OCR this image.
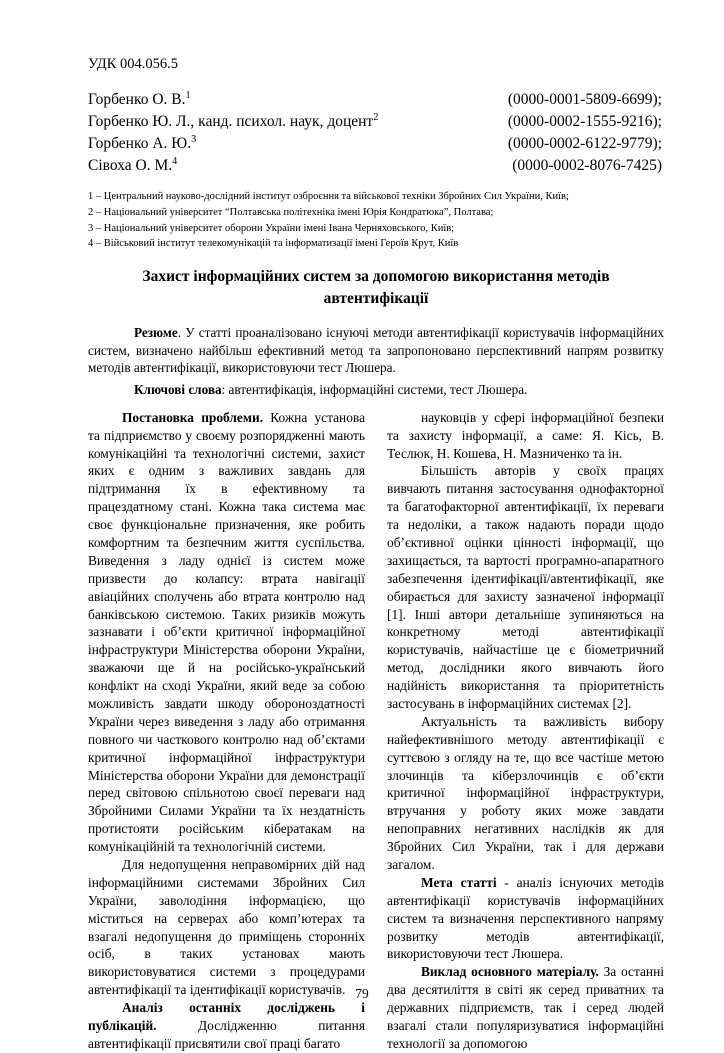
УДК 004.056.5
Горбенко О. В.$^1$	(0000-0001-5809-6699);
Горбенко Ю. Л., канд. психол. наук, доцент$^2$	(0000-0002-1555-9216);
Горбенко А. Ю.$^3$	(0000-0002-6122-9779);
Сівоха О. М.$^4$	(0000-0002-8076-7425)
1 – Центральний науково-дослідний інститут озброєння та військової техніки Збройних Сил України, Київ;
2 – Національний університет “Полтавська політехніка імені Юрія Кондратюка”, Полтава;
3 – Національний університет оборони України імені Івана Черняховського, Київ;
4 – Військовий інститут телекомунікацій та інформатизації імені Героїв Крут, Київ
Захист інформаційних систем за допомогою використання методів автентифікації

Резюме. У статті проаналізовано існуючі методи автентифікації користувачів інформаційних систем, визначено найбільш ефективний метод та запропоновано перспективний напрям розвитку методів автентифікації, використовуючи тест Люшера.

Ключові слова: автентифікація, інформаційні системи, тест Люшера.

Постановка проблеми. Кожна установа та підприємство у своєму розпорядженні мають комунікаційні та технологічні системи, захист яких є одним з важливих завдань для підтримання їх в ефективному та працездатному стані. Кожна така система має своє функціональне призначення, яке робить комфортним та безпечним життя суспільства. Виведення з ладу однієї із систем може призвести до колапсу: втрата навігації авіаційних сполучень або втрата контролю над банківською системою. Таких ризиків можуть зазнавати і об’єкти критичної інформаційної інфраструктури Міністерства оборони України, зважаючи ще й на російсько-український конфлікт на сході України, який веде за собою можливість завдати шкоду обороноздатності України через виведення з ладу або отримання повного чи часткового контролю над об’єктами критичної інформаційної інфраструктури Міністерства оборони України для демонстрації перед світовою спільнотою своєї переваги над Збройними Силами України та їх нездатність протистояти російським кібератакам на комунікаційній та технологічній системи.

Для недопущення неправомірних дій над інформаційними системами Збройних Сил України, заволодіння інформацією, що міститься на серверах або комп’ютерах та взагалі недопущення до приміщень сторонніх осіб, в таких установах мають використовуватися системи з процедурами автентифікації та ідентифікації користувачів.

Аналіз останніх досліджень і публікацій. Дослідженню питання автентифікації присвятили свої праці багато

науковців у сфері інформаційної безпеки та захисту інформації, а саме: Я. Кісь, В. Теслюк, Н. Кошева, Н. Мазниченко та ін.

Більшість авторів у своїх працях вивчають питання застосування однофакторної та багатофакторної автентифікації, їх переваги та недоліки, а також надають поради щодо об’єктивної оцінки цінності інформації, що захищається, та вартості програмно-апаратного забезпечення ідентифікації/автентифікації, яке обирається для захисту зазначеної інформації [1]. Інші автори детальніше зупиняються на конкретному методі автентифікації користувачів, найчастіше це є біометричний метод, дослідники якого вивчають його надійність використання та пріоритетність застосувань в інформаційних системах [2].

Актуальність та важливість вибору найефективнішого методу автентифікації є суттєвою з огляду на те, що все частіше метою злочинців та кіберзлочинців є об’єкти критичної інформаційної інфраструктури, втручання у роботу яких може завдати непоправних негативних наслідків як для Збройних Сил України, так і для держави загалом.

Мета статті - аналіз існуючих методів автентифікації користувачів інформаційних систем та визначення перспективного напряму розвитку методів автентифікації, використовуючи тест Люшера.

Виклад основного матеріалу. За останні два десятиліття в світі як серед приватних та державних підприємств, так і серед людей взагалі стали популяризуватися інформаційні технології за допомогою

79
